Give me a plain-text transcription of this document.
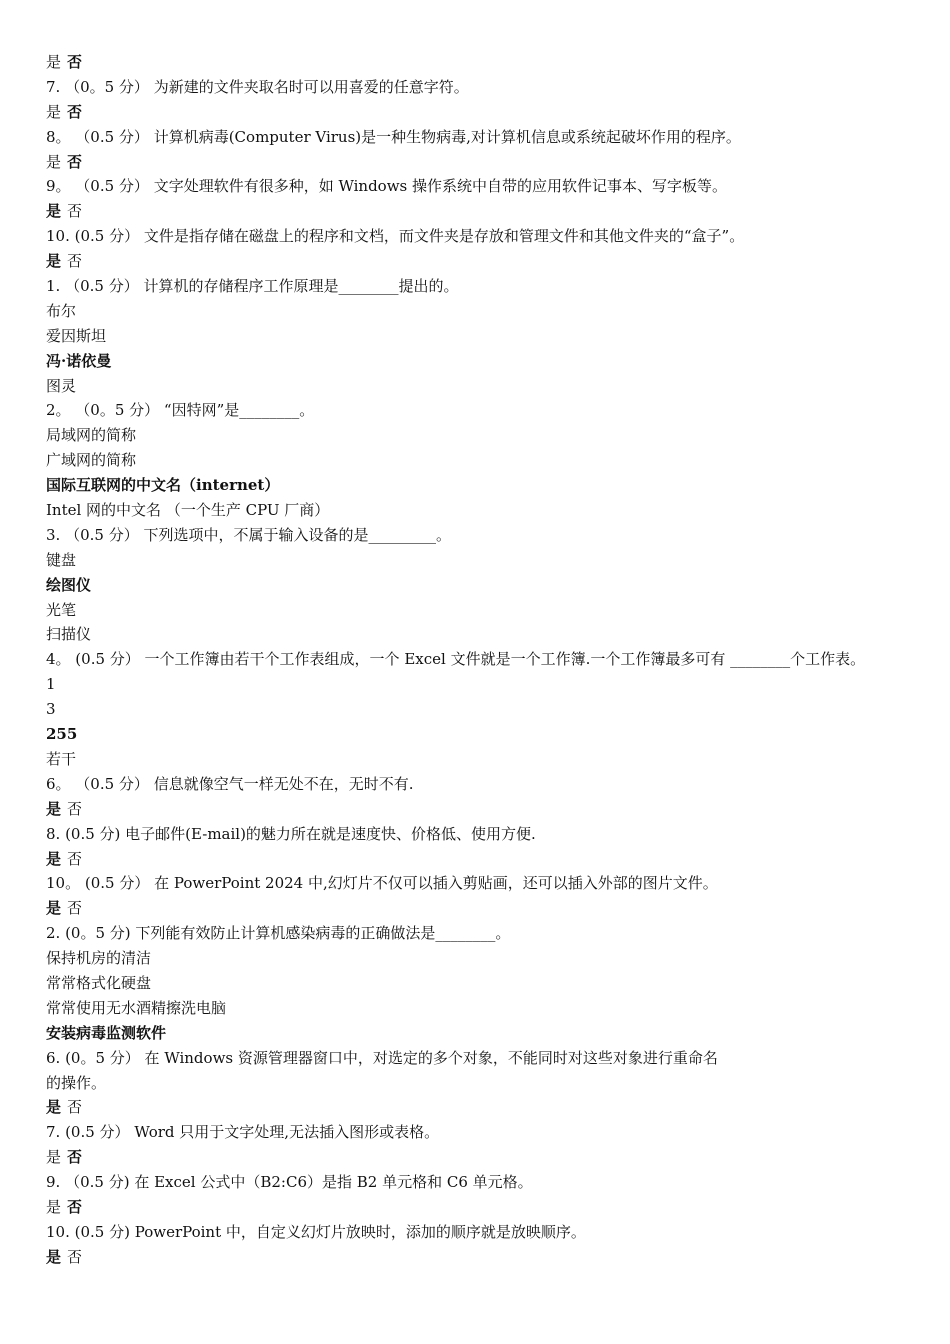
是 否
7. （0。5 分） 为新建的文件夹取名时可以用喜爱的任意字符。
是 否
8。 （0.5 分） 计算机病毒(Computer Virus)是一种生物病毒,对计算机信息或系统起破坏作用的程序。
是 否
9。 （0.5 分） 文字处理软件有很多种，如 Windows 操作系统中自带的应用软件记事本、写字板等。
是 否
10. (0.5 分） 文件是指存储在磁盘上的程序和文档，而文件夹是存放和管理文件和其他文件夹的“盒子”。
是 否
1. （0.5 分） 计算机的存储程序工作原理是________提出的。
布尔
爱因斯坦
冯·诺依曼
图灵
2。 （0。5 分） “因特网”是________。
局域网的简称
广域网的简称
国际互联网的中文名（internet）
Intel 网的中文名 （一个生产 CPU 厂商）
3. （0.5 分） 下列选项中，不属于输入设备的是_________。
键盘
绘图仪
光笔
扫描仪
4。 (0.5 分） 一个工作簿由若干个工作表组成，一个 Excel 文件就是一个工作簿.一个工作簿最多可有 ________个工作表。
1
3
255
若干
6。 （0.5 分） 信息就像空气一样无处不在，无时不有.
是 否
8. (0.5 分) 电子邮件(E-mail)的魅力所在就是速度快、价格低、使用方便.
是 否
10。 (0.5 分） 在 PowerPoint 2024 中,幻灯片不仅可以插入剪贴画，还可以插入外部的图片文件。
是 否
2. (0。5 分) 下列能有效防止计算机感染病毒的正确做法是________。
保持机房的清洁
常常格式化硬盘
常常使用无水酒精擦洗电脑
安装病毒监测软件
6. (0。5 分） 在 Windows 资源管理器窗口中，对选定的多个对象，不能同时对这些对象进行重命名
的操作。
是 否
7. (0.5 分） Word 只用于文字处理,无法插入图形或表格。
是 否
9. （0.5 分) 在 Excel 公式中（B2:C6）是指 B2 单元格和 C6 单元格。
是 否
10. (0.5 分) PowerPoint 中，自定义幻灯片放映时，添加的顺序就是放映顺序。
是 否
